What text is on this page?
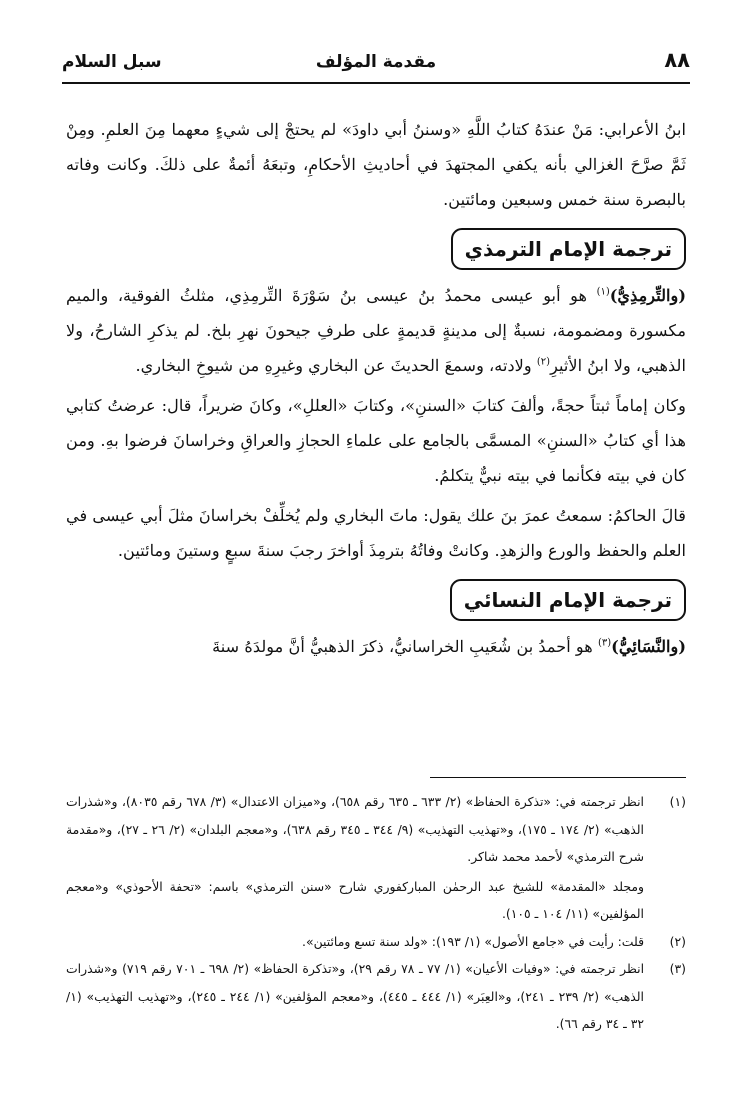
٨٨
مقدمة المؤلف
سبل السلام

ابنُ الأعرابي: مَنْ عندَهُ كتابُ اللَّهِ «وسننُ أبي داودَ» لم يحتجْ إلى شيءٍ معهما مِنَ العلمِ. ومِنْ ثَمَّ صرَّحَ الغزالي بأنه يكفي المجتهدَ في أحاديثِ الأحكامِ، وتبعَهُ أئمةٌ على ذلكَ. وكانت وفاته بالبصرة سنة خمس وسبعين ومائتين.

ترجمة الإمام الترمذي

(والتِّرمِذِيُّ)$^{(١)}$ هو أبو عيسى محمدُ بنُ عيسى بنُ سَوْرَةَ التِّرمِذِي، مثلثُ الفوقية، والميم مكسورة ومضمومة، نسبةٌ إلى مدينةٍ قديمةٍ على طرفِ جيحونَ نهرِ بلخ. لم يذكرِ الشارحُ، ولا الذهبي، ولا ابنُ الأثيرِ$^{(٢)}$ ولادته، وسمعَ الحديثَ عن البخاري وغيرِهِ من شيوخِ البخاري.

وكان إماماً ثبتاً حجةً، وألفَ كتابَ «السننِ»، وكتابَ «العللِ»، وكانَ ضريراً، قال: عرضتُ كتابي هذا أي كتابُ «السننِ» المسمَّى بالجامع على علماءِ الحجازِ والعراقِ وخراسانَ فرضوا بهِ. ومن كان في بيته فكأنما في بيته نبيٌّ يتكلمُ.

قالَ الحاكمُ: سمعتُ عمرَ بنَ علك يقول: ماتَ البخاري ولم يُخلِّفْ بخراسانَ مثلَ أبي عيسى في العلم والحفظ والورع والزهدِ. وكانتْ وفاتُهُ بترمِذَ أواخرَ رجبَ سنةَ سبعٍ وستينَ ومائتين.

ترجمة الإمام النسائي

(والنَّسَائِيُّ)$^{(٣)}$ هو أحمدُ بن شُعَيبِ الخراسانيُّ، ذكرَ الذهبيُّ أنَّ مولدَهُ سنةَ

(١)
انظر ترجمته في: «تذكرة الحفاظ» (٢/ ٦٣٣ ـ ٦٣٥ رقم ٦٥٨)، و«ميزان الاعتدال» (٣/ ٦٧٨ رقم ٨٠٣٥)، و«شذرات الذهب» (٢/ ١٧٤ ـ ١٧٥)، و«تهذيب التهذيب» (٩/ ٣٤٤ ـ ٣٤٥ رقم ٦٣٨)، و«معجم البلدان» (٢/ ٢٦ ـ ٢٧)، و«مقدمة شرح الترمذي» لأحمد محمد شاكر.
ومجلد «المقدمة» للشيخ عبد الرحمٰن المباركفوري شارح «سنن الترمذي» باسم: «تحفة الأحوذي» و«معجم المؤلفين» (١١/ ١٠٤ ـ ١٠٥).
(٢)
قلت: رأيت في «جامع الأصول» (١/ ١٩٣): «ولد سنة تسع ومائتين».
(٣)
انظر ترجمته في: «وفيات الأعيان» (١/ ٧٧ ـ ٧٨ رقم ٢٩)، و«تذكرة الحفاظ» (٢/ ٦٩٨ ـ ٧٠١ رقم ٧١٩) و«شذرات الذهب» (٢/ ٢٣٩ ـ ٢٤١)، و«العِبَر» (١/ ٤٤٤ ـ ٤٤٥)، و«معجم المؤلفين» (١/ ٢٤٤ ـ ٢٤٥)، و«تهذيب التهذيب» (١/ ٣٢ ـ ٣٤ رقم ٦٦).
